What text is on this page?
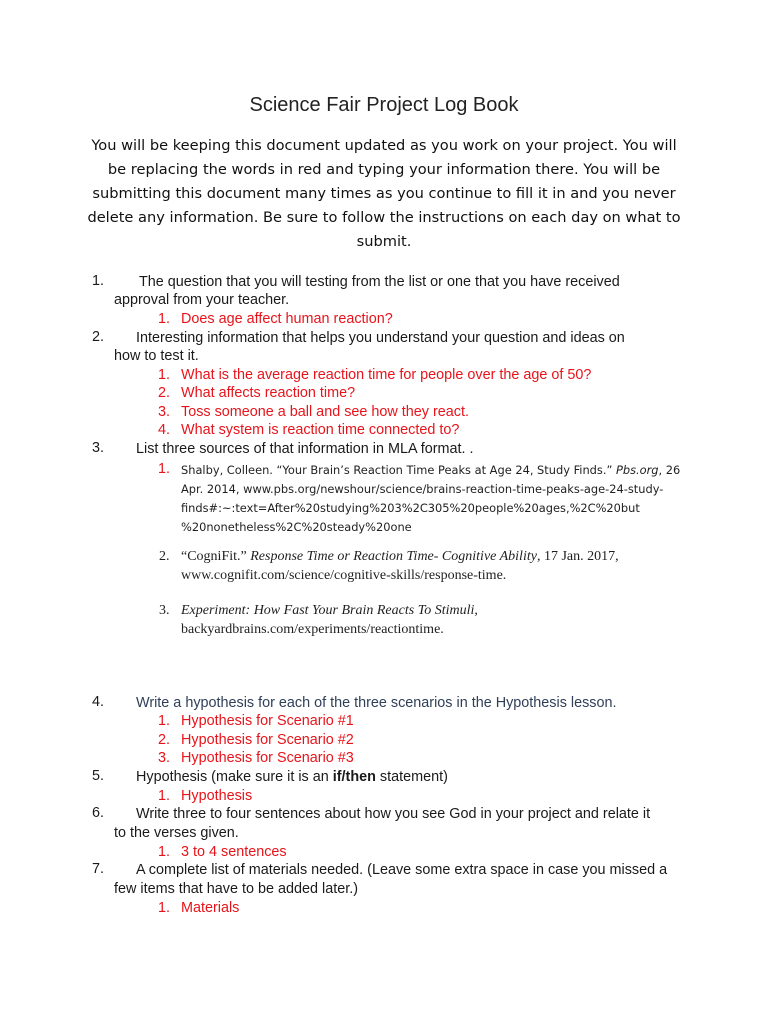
Science Fair Project Log Book
You will be keeping this document updated as you work on your project. You will be replacing the words in red and typing your information there. You will be submitting this document many times as you continue to fill it in and you never delete any information. Be sure to follow the instructions on each day on what to submit.
1. The question that you will testing from the list or one that you have received
approval from your teacher.
1. Does age affect human reaction?
2. Interesting information that helps you understand your question and ideas on
how to test it.
1. What is the average reaction time for people over the age of 50?
2. What affects reaction time?
3. Toss someone a ball and see how they react.
4. What system is reaction time connected to?
3. List three sources of that information in MLA format. .
1. Shalby, Colleen. “Your Brain’s Reaction Time Peaks at Age 24, Study Finds.” Pbs.org, 26
Apr. 2014, www.pbs.org/newshour/science/brains-reaction-time-peaks-age-24-study-
finds#:~:text=After%20studying%203%2C305%20people%20ages,%2C%20but
%20nonetheless%2C%20steady%20one
2. “CogniFit.” Response Time or Reaction Time- Cognitive Ability, 17 Jan. 2017,
www.cognifit.com/science/cognitive-skills/response-time.
3. Experiment: How Fast Your Brain Reacts To Stimuli,
backyardbrains.com/experiments/reactiontime.
4. Write a hypothesis for each of the three scenarios in the Hypothesis lesson.
1. Hypothesis for Scenario #1
2. Hypothesis for Scenario #2
3. Hypothesis for Scenario #3
5. Hypothesis (make sure it is an if/then statement)
1. Hypothesis
6. Write three to four sentences about how you see God in your project and relate it
to the verses given.
1. 3 to 4 sentences
7. A complete list of materials needed. (Leave some extra space in case you missed a
few items that have to be added later.)
1. Materials
